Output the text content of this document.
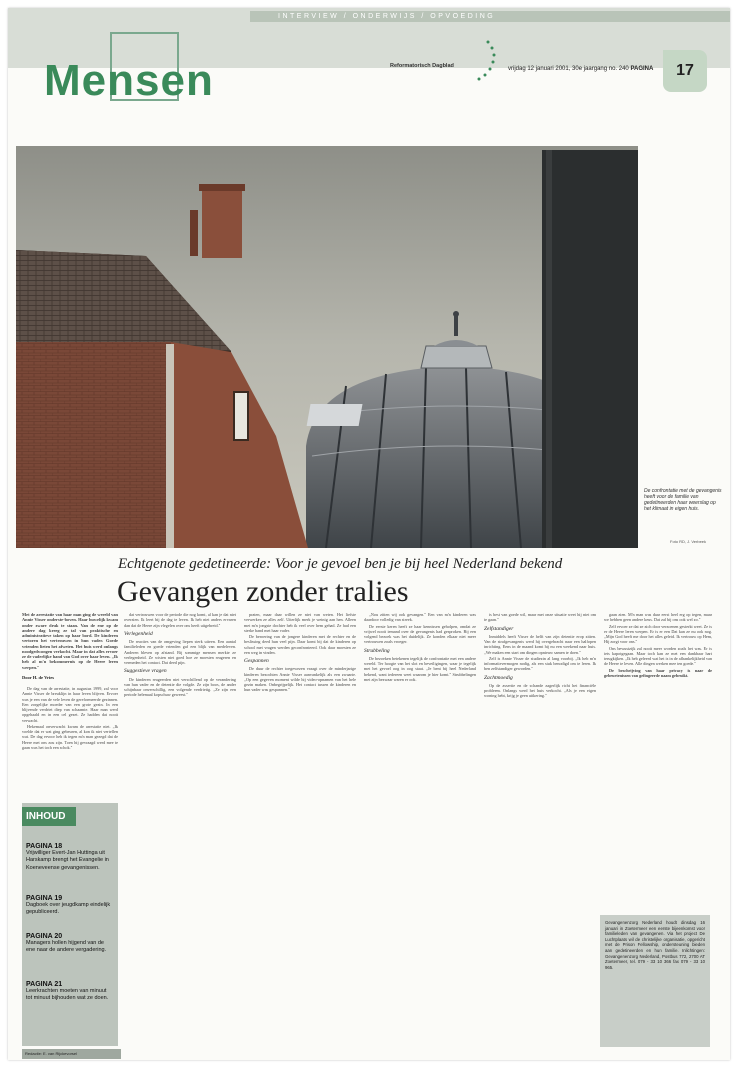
INTERVIEW / ONDERWIJS / OPVOEDING
Mensen	Reformatorisch Dagblad	vrijdag 12 januari 2001, 30e jaargang no. 240 PAGINA	17
De confrontatie met de gevangenis heeft voor de familie van gedetineerden haar weerslag op het klimaat in eigen huis.
Foto RD, J. Verbeek
Echtgenote gedetineerde: Voor je gevoel ben je bij heel Nederland bekend
Gevangen zonder tralies

Met de arrestatie van haar man ging de wereld van Annie Visser onderste-boven. Haar huwelijk kwam onder zware druk te staan. Van de ene op de andere dag kreeg ze tal van praktische en administratieve taken op haar bord. De kinderen vertoren het vertrouwen in hun vader. Goede vrienden lieten het afweten. Het huis werd onlangs noodgedwongen verkocht. Maar in dat alles ervoer ze de vaderlijke hand van God over haar leven. „Ik heb al m'n bekommernis op de Heere leren werpen."

Door H. de Vries

De dag van de arrestatie, in augustus 1999, zal voor Annie Visser de breuklijn in haar leven blijven. Ervoer was je een van de vele leven de gereformeerde gezinnen. Een zorgelijke moeder van een grote gezin. In een blijvende verdriet diep van schaamte. Haar man werd opgehaald en in een cel gezet. Ze hadden dat nooit verwacht.

Hekemaal onverwacht kwam de arrestatie niet. „Ik voelde dat er wat ging gebeuren, al kon ik niet vertellen wat. De dag ervoor heb ik tegen m'n man gezegd dat de Heere met ons zou zijn. Toen hij gevraagd werd mee te gaan was het toch een schok."

INHOUD
PAGINA 18
Vrijwilliger Evert-Jan Huttinga uit Harskamp brengt het Evangelie in Koeneveense gevangenissen.
PAGINA 19
Dagboek over jeugdkamp eindelijk gepubliceerd.
PAGINA 20
Managers hollen hijgend van de ene naar de andere vergadering.
PAGINA 21
Leerkrachten moeten van minuut tot minuut bijhouden wat ze doen.
Redactie: E. van Rijckevorsel

dat vertrouwen voor de periode die nog komt, al kan je dat niet overzien. Ik leert bij de dag te leven. Ik heb niet anders ervaren dan dat de Heere zijn vlegelen over ons heeft uitgebreid."

Verlegenheid

De reacties van de omgeving liepen sterk uiteen. Een aantal familieleden en goede vrienden gaf een blijk van medeleven. Anderen bleven op afstand. Bij sommige mensen merkte ze verlegenheid. Ze wisten niet goed hoe ze moesten reageren en vermeden het contact. Dat deed pijn.

Suggestieve vragen

De kinderen reageerden niet verschillend op de verandering van hun vader en de detentie die volgde. Ze zijn boos, de ander schijnbaar onverschillig, een volgende verdrietig. „Ze zijn een periode helemaal kopschuw geweest."

praten, maar daar willen ze niet van weten. Het liefste verwerken ze alles zelf. Uiterlijk merk je weinig aan hen. Alleen met m'n jongste dochter heb ik veel over hem gehad. Ze had een sterke band met haar vader.

De beroering van de jongere kinderen met de rechter en de beslissing deed hun veel pijn. Daar komt bij dat de kinderen op school met vragen werden geconfronteerd. Ook daar moesten ze een weg in vinden.

Gespannen

De duur de rechter toegewezen vraagt over de minderjarige kinderen bezochten Annie Visser aanvankelijk als een zwaarte. „Op een gegeven moment wilde hij video-opnamen van het hele gezin maken. Onbegrijpelijk. Het contact tussen de kinderen en hun vader was gespannen."

„Nou zitten wij ook gevangen." Een van m'n kinderen was daardoor volledig van streek.

De eerste keren heeft ze haar kennissen geholpen, omdat ze vrijwel nooit iemand over de gevangenis had gesproken. Bij een volgend bezoek was het duidelijk. Ze konden elkaar niet meer vertrouwen zoals vroeger.

Strubbeling

De bezoeken betekenen tegelijk de confrontatie met een andere wereld. Ter hoogte van het slot en beveiligingen, waar je tegelijk met het gevoel oog in oog staat. „Je bent bij heel Nederland bekend, want iedereen weet waarom je hier komt." Strubbelingen met zijn bezwaar waren er ook.

is best van goede wil, maar met onze situatie weet hij niet om te gaan."

Zelfstandiger

Inmiddels heeft Visser de helft van zijn detentie erop zitten. Van de strafgevangenis werd hij overgebracht naar een halfopen inrichting. Eens in de maand komt hij nu een weekend naar huis. „We maken een start om dingen opnieuw samen te doen."

Zelf is Annie Visser de studiezin al lang voorbij. „Ik heb m'n informatievermogen nodig, als een stuk benodigd om te leren. Ik ben zelfstandiger geworden."

Zachtmoedig

Op de assertie en de schande zagerlijk richt het financiële probleem. Onlangs werd het huis verkocht. „Als je een eigen woning hebt, krijg je geen uitkering."

gaan zien. M'n man was daar eerst heel erg op tegen, maar we hebben geen andere keus. Dat zal bij ons ook wel zo."

Zelf ervoer ze dat ze zich door verzoenen gesterkt weet. Ze is er de Heere leren werpen. Er is er een Dat kan ze nu ook nog. „Mijn God heeft me door het alles geleid. Ik vertrouw op Hem, Hij zorgt voor ons."

Ons bewustzijk zal nooit meer worden zoals het was. Er is iets kapotgegaan. Maar toch kan ze met een dankbaar hart terugkijken. „Ik heb geleerd wat het is in de afhankelijkheid van de Heere te leven. Alle dingen werken mee ten goede."

De beschrijving van haar privacy is naar de gebeurtenissen van gefingeerde naam gebruikt.

Gevangenenzorg Nederland houdt dinsdag 16 januari in Zoetermeer een eerste bijeenkomst voor familieleden van gevangenen. Via het project De Luchtplaats wil de christelijke organisatie, opgericht met de Prison Fellowship, ondersteuning bieden aan gedetineerden en hun familie. Inlichtingen: Gevangenenzorg Nederland, Postbus 772, 2700 AT Zoetermeer, tel. 079 - 33 10 366 fax 079 - 33 10 965.
